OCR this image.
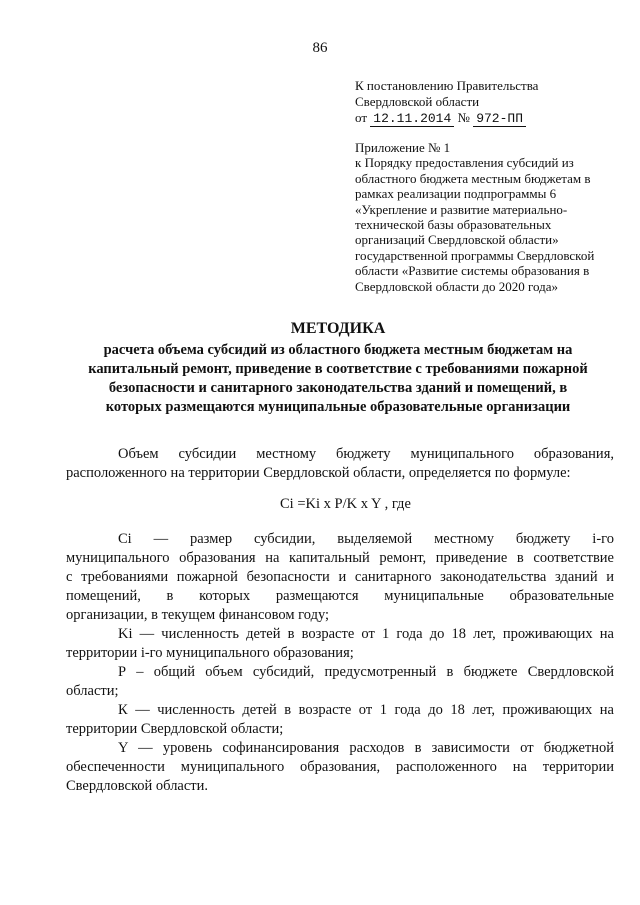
86
К постановлению Правительства
Свердловской области
от 12.11.2014 № 972-ПП
Приложение № 1
к Порядку предоставления субсидий из
областного бюджета местным бюджетам в
рамках реализации подпрограммы 6
«Укрепление и развитие материально-
технической базы образовательных
организаций Свердловской области»
государственной программы Свердловской
области «Развитие системы образования в
Свердловской области до 2020 года»
МЕТОДИКА
расчета объема субсидий из областного бюджета местным бюджетам на
капитальный ремонт, приведение в соответствие с требованиями пожарной
безопасности и санитарного законодательства зданий и помещений, в
которых размещаются муниципальные образовательные организации
Объем субсидии местному бюджету муниципального образования,
расположенного на территории Свердловской области, определяется по формуле:
Ci =Ki x P/K x Y , где
Ci — размер субсидии, выделяемой местному бюджету i-го
муниципального образования на капитальный ремонт, приведение в соответствие
с требованиями пожарной безопасности и санитарного законодательства зданий и
помещений, в которых размещаются муниципальные образовательные
организации, в текущем финансовом году;
Ki — численность детей в возрасте от 1 года до 18 лет, проживающих на
территории i-го муниципального образования;
Р – общий объем субсидий, предусмотренный в бюджете Свердловской
области;
К — численность детей в возрасте от 1 года до 18 лет, проживающих на
территории Свердловской области;
Y — уровень софинансирования расходов в зависимости от бюджетной
обеспеченности муниципального образования, расположенного на территории
Свердловской области.
